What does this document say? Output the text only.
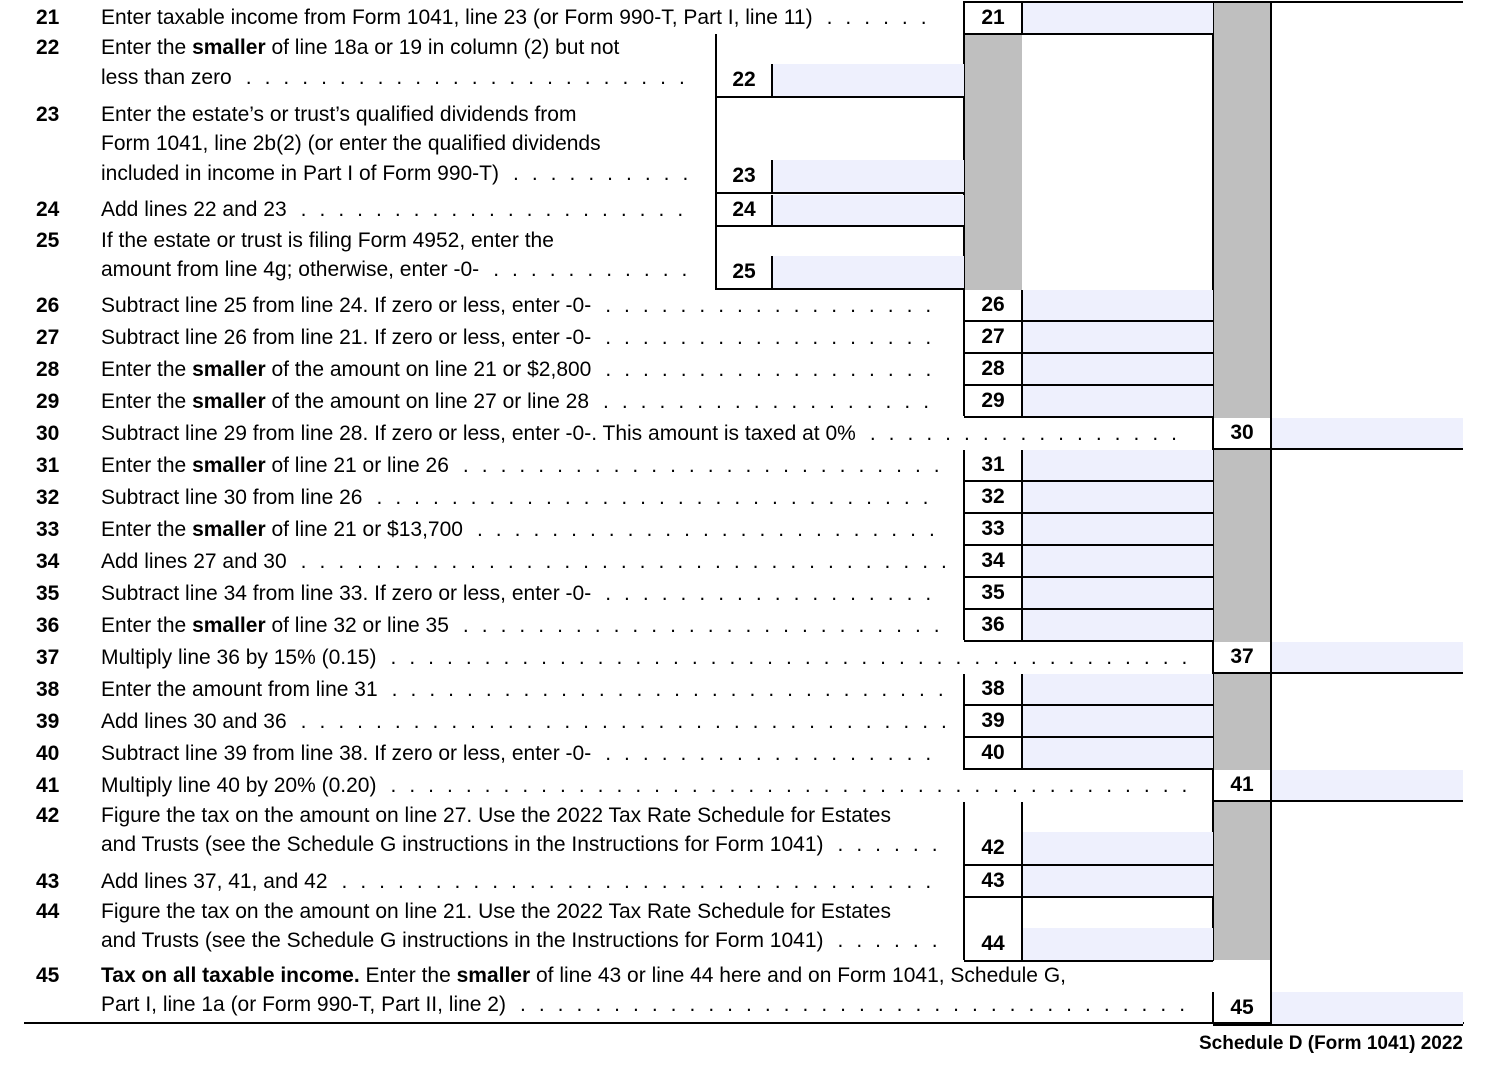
21 Enter taxable income from Form 1041, line 23 (or Form 990-T, Part I, line 11) ......	21
22 Enter the smaller of line 18a or 19 in column (2) but not
less than zero ........................	22
23 Enter the estate’s or trust’s qualified dividends from
Form 1041, line 2b(2) (or enter the qualified dividends
included in income in Part I of Form 990-T) ..........	23
24 Add lines 22 and 23 .....................	24
25 If the estate or trust is filing Form 4952, enter the
amount from line 4g; otherwise, enter -0- ...........	25
26 Subtract line 25 from line 24. If zero or less, enter -0- ..................	26
27 Subtract line 26 from line 21. If zero or less, enter -0- ..................	27
28 Enter the smaller of the amount on line 21 or $2,800 ..................	28
29 Enter the smaller of the amount on line 27 or line 28 ..................	29
30 Subtract line 29 from line 28. If zero or less, enter -0-. This amount is taxed at 0% .................	30
31 Enter the smaller of line 21 or line 26 ..........................	31
32 Subtract line 30 from line 26 ..............................	32
33 Enter the smaller of line 21 or $13,700 .........................	33
34 Add lines 27 and 30 ...................................	34
35 Subtract line 34 from line 33. If zero or less, enter -0- ..................	35
36 Enter the smaller of line 32 or line 35 ..........................	36
37 Multiply line 36 by 15% (0.15) ...........................................	37
38 Enter the amount from line 31 ..............................	38
39 Add lines 30 and 36 ...................................	39
40 Subtract line 39 from line 38. If zero or less, enter -0- ..................	40
41 Multiply line 40 by 20% (0.20) ...........................................	41
42 Figure the tax on the amount on line 27. Use the 2022 Tax Rate Schedule for Estates
and Trusts (see the Schedule G instructions in the Instructions for Form 1041) ......	42
43 Add lines 37, 41, and 42 ................................	43
44 Figure the tax on the amount on line 21. Use the 2022 Tax Rate Schedule for Estates
and Trusts (see the Schedule G instructions in the Instructions for Form 1041) ......	44
45 Tax on all taxable income. Enter the smaller of line 43 or line 44 here and on Form 1041, Schedule G,
Part I, line 1a (or Form 990-T, Part II, line 2) ....................................	45
Schedule D (Form 1041) 2022
